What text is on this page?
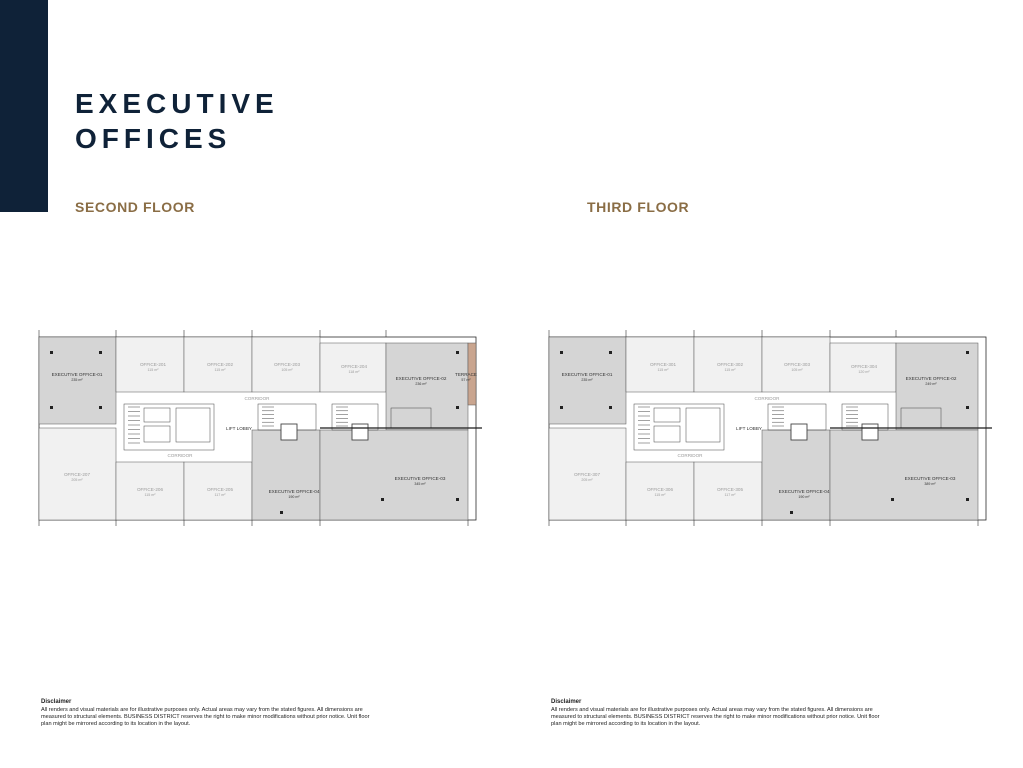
EXECUTIVE
OFFICES
SECOND FLOOR	THIRD FLOOR
EXECUTIVE OFFICE-01
235 m²
OFFICE-201
115 m²
OFFICE-202
115 m²
OFFICE-203
105 m²
OFFICE-204
118 m²
EXECUTIVE OFFICE-02
236 m²
TERRACE
57 m²
CORRIDOR
CORRIDOR
LIFT LOBBY
OFFICE-207
205 m²
OFFICE-206
115 m²
OFFICE-205
117 m²
EXECUTIVE OFFICE-04
190 m²
EXECUTIVE OFFICE-03
345 m²
EXECUTIVE OFFICE-01
235 m²
OFFICE-301
115 m²
OFFICE-302
115 m²
OFFICE-303
105 m²
OFFICE-304
120 m²
EXECUTIVE OFFICE-02
249 m²
CORRIDOR
CORRIDOR
LIFT LOBBY
OFFICE-307
205 m²
OFFICE-306
115 m²
OFFICE-305
117 m²
EXECUTIVE OFFICE-04
190 m²
EXECUTIVE OFFICE-03
389 m²
Disclaimer
All renders and visual materials are for illustrative purposes only. Actual areas may vary from the stated figures. All dimensions are measured to structural elements. BUSINESS DISTRICT reserves the right to make minor modifications without prior notice. Unit floor plan might be mirrored according to its location in the layout.
Disclaimer
All renders and visual materials are for illustrative purposes only. Actual areas may vary from the stated figures. All dimensions are measured to structural elements. BUSINESS DISTRICT reserves the right to make minor modifications without prior notice. Unit floor plan might be mirrored according to its location in the layout.
